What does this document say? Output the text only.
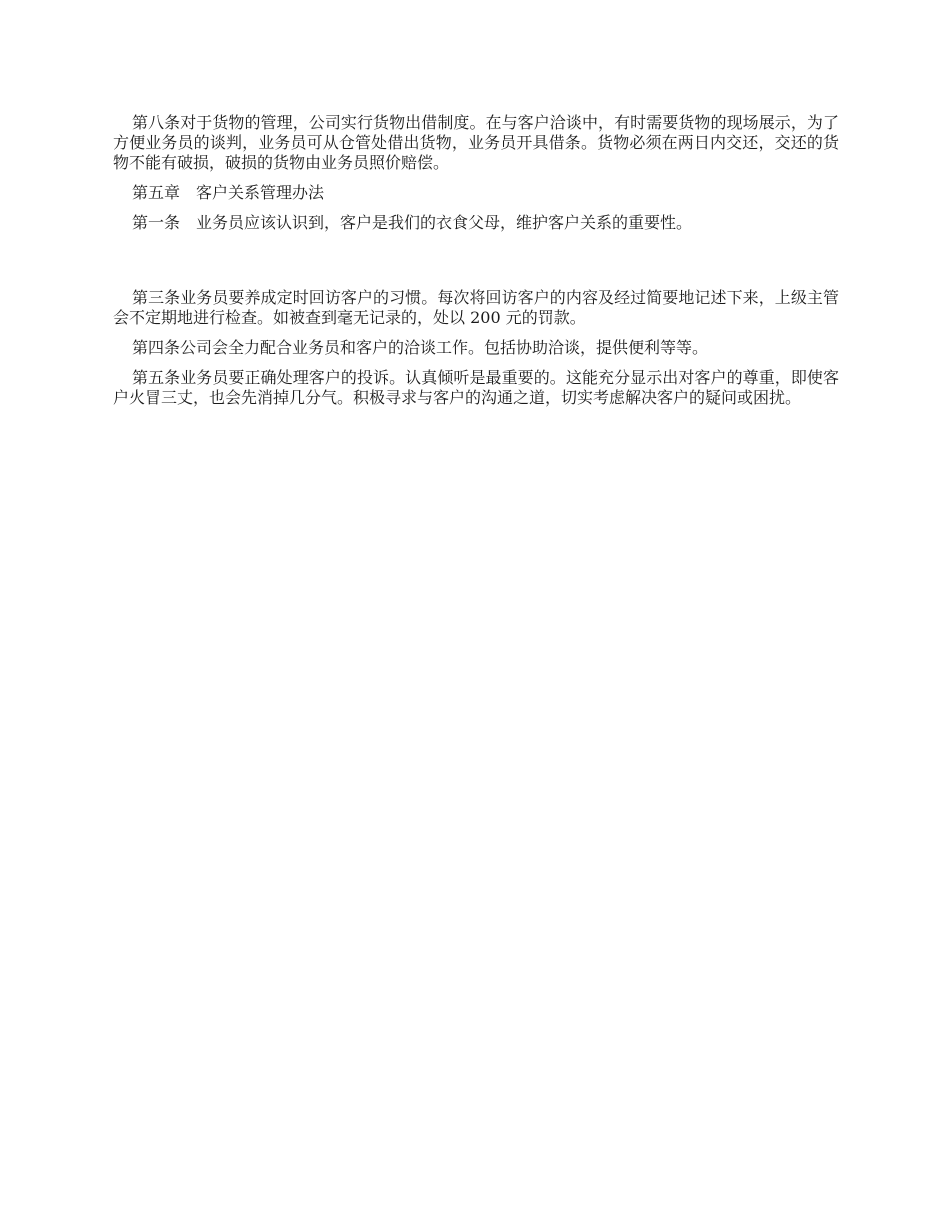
第八条对于货物的管理，公司实行货物出借制度。在与客户洽谈中，有时需要货物的现场展示，为了方便业务员的谈判，业务员可从仓管处借出货物，业务员开具借条。货物必须在两日内交还，交还的货物不能有破损，破损的货物由业务员照价赔偿。

第五章　客户关系管理办法

第一条　业务员应该认识到，客户是我们的衣食父母，维护客户关系的重要性。

第三条业务员要养成定时回访客户的习惯。每次将回访客户的内容及经过简要地记述下来，上级主管会不定期地进行检查。如被查到毫无记录的，处以 200 元的罚款。

第四条公司会全力配合业务员和客户的洽谈工作。包括协助洽谈，提供便利等等。

第五条业务员要正确处理客户的投诉。认真倾听是最重要的。这能充分显示出对客户的尊重，即使客户火冒三丈，也会先消掉几分气。积极寻求与客户的沟通之道，切实考虑解决客户的疑问或困扰。
